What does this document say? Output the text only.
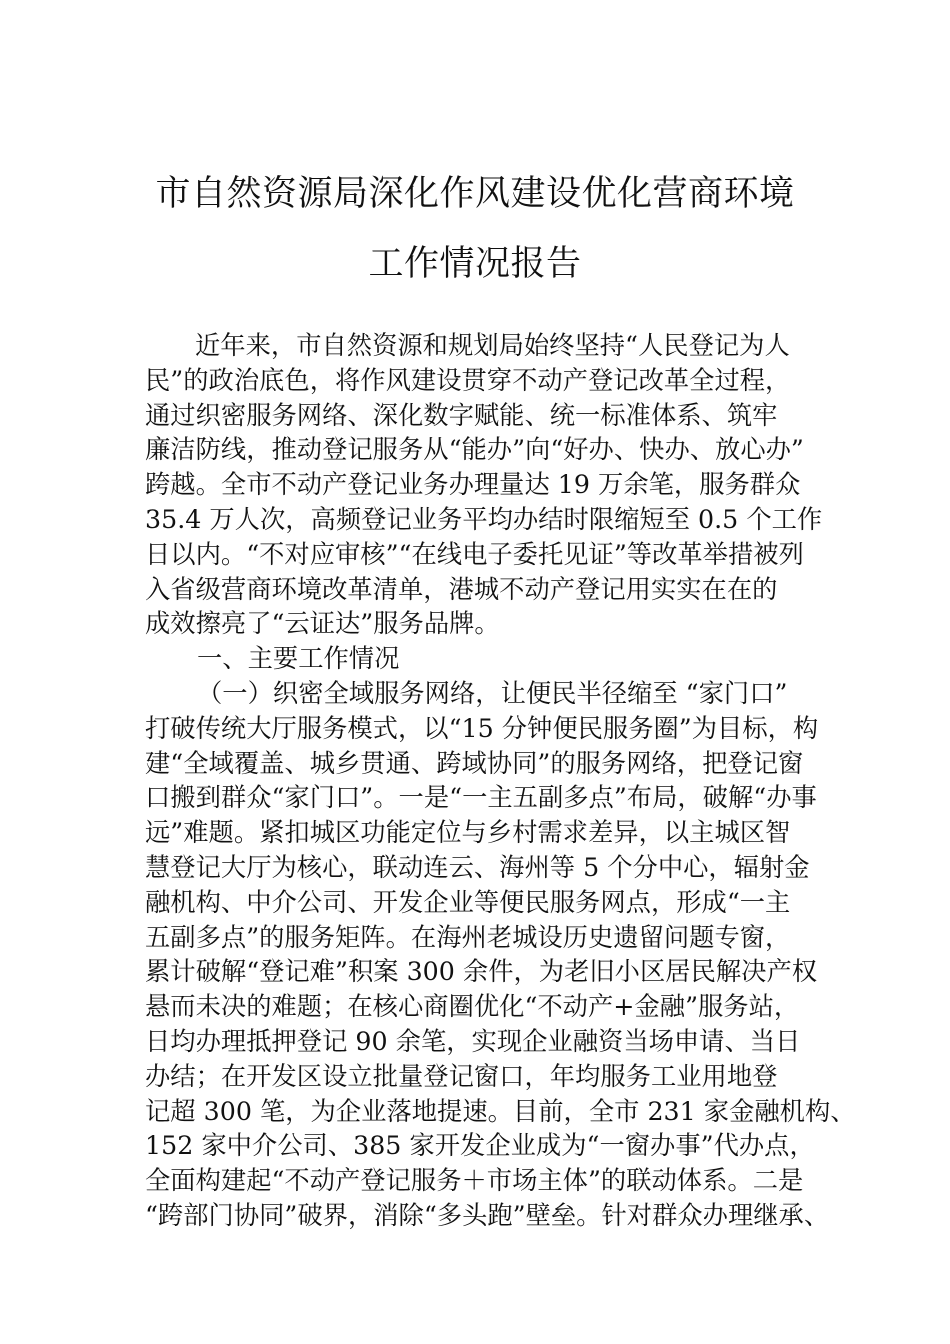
市自然资源局深化作风建设优化营商环境
工作情况报告
近年来，市自然资源和规划局始终坚持“人民登记为人
民”的政治底色，将作风建设贯穿不动产登记改革全过程，
通过织密服务网络、深化数字赋能、统一标准体系、筑牢
廉洁防线，推动登记服务从“能办”向“好办、快办、放心办”
跨越。全市不动产登记业务办理量达 19 万余笔，服务群众
35.4 万人次，高频登记业务平均办结时限缩短至 0.5 个工作
日以内。“不对应审核”“在线电子委托见证”等改革举措被列
入省级营商环境改革清单，港城不动产登记用实实在在的
成效擦亮了“云证达”服务品牌。
一、主要工作情况
（一）织密全域服务网络，让便民半径缩至 “家门口”
打破传统大厅服务模式，以“15 分钟便民服务圈”为目标，构
建“全域覆盖、城乡贯通、跨域协同”的服务网络，把登记窗
口搬到群众“家门口”。一是“一主五副多点”布局，破解“办事
远”难题。紧扣城区功能定位与乡村需求差异，以主城区智
慧登记大厅为核心，联动连云、海州等 5 个分中心，辐射金
融机构、中介公司、开发企业等便民服务网点，形成“一主
五副多点”的服务矩阵。在海州老城设历史遗留问题专窗，
累计破解“登记难”积案 300 余件，为老旧小区居民解决产权
悬而未决的难题；在核心商圈优化“不动产+金融”服务站，
日均办理抵押登记 90 余笔，实现企业融资当场申请、当日
办结；在开发区设立批量登记窗口，年均服务工业用地登
记超 300 笔，为企业落地提速。目前，全市 231 家金融机构、
152 家中介公司、385 家开发企业成为“一窗办事”代办点，
全面构建起“不动产登记服务＋市场主体”的联动体系。二是
“跨部门协同”破界，消除“多头跑”壁垒。针对群众办理继承、
